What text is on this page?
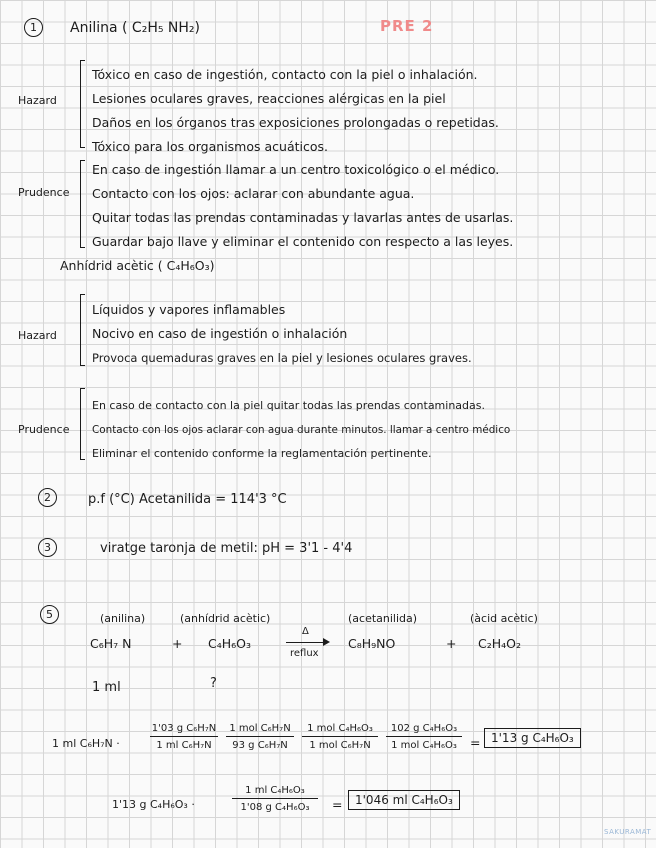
1	Anilina ( C₂H₅ NH₂)	PRE 2
Hazard
Tóxico en caso de ingestión, contacto con la piel o inhalación.
Lesiones oculares graves, reacciones alérgicas en la piel
Daños en los órganos tras exposiciones prolongadas o repetidas.
Tóxico para los organismos acuáticos.
Prudence
En caso de ingestión llamar a un centro toxicológico o el médico.
Contacto con los ojos: aclarar con abundante agua.
Quitar todas las prendas contaminadas y lavarlas antes de usarlas.
Guardar bajo llave y eliminar el contenido con respecto a las leyes.
Anhídrid acètic ( C₄H₆O₃)
Hazard
Líquidos y vapores inflamables
Nocivo en caso de ingestión o inhalación
Provoca quemaduras graves en la piel y lesiones oculares graves.
Prudence
En caso de contacto con la piel quitar todas las prendas contaminadas.
Contacto con los ojos aclarar con agua durante minutos. llamar a centro médico
Eliminar el contenido conforme la reglamentación pertinente.
2	p.f (°C) Acetanilida = 114'3 °C
3	viratge taronja de metil: pH = 3'1 - 4'4
5	(anilina)	(anhídrid acètic)	(acetanilida)	(àcid acètic)
C₆H₇ N	+ C₄H₆O₃
Δ
reflux
C₈H₉NO	+ C₂H₄O₂
1 ml	?
1 ml C₆H₇N ·	$\frac{\text{1'03 g C₆H₇N}}{\text{1 ml C₆H₇N}}$	1 mol C₆H₇N
93 g C₆H₇N
1 mol C₄H₆O₃
1 mol C₆H₇N
102 g C₄H₆O₃
1 mol C₄H₆O₃	= 1'13 g C₄H₆O₃
1'13 g C₄H₆O₃ ·	$\frac{\text{1 ml C₄H₆O₃}}{\text{1'08 g C₄H₆O₃}}$ =	1'046 ml C₄H₆O₃
SAKURAMAT
